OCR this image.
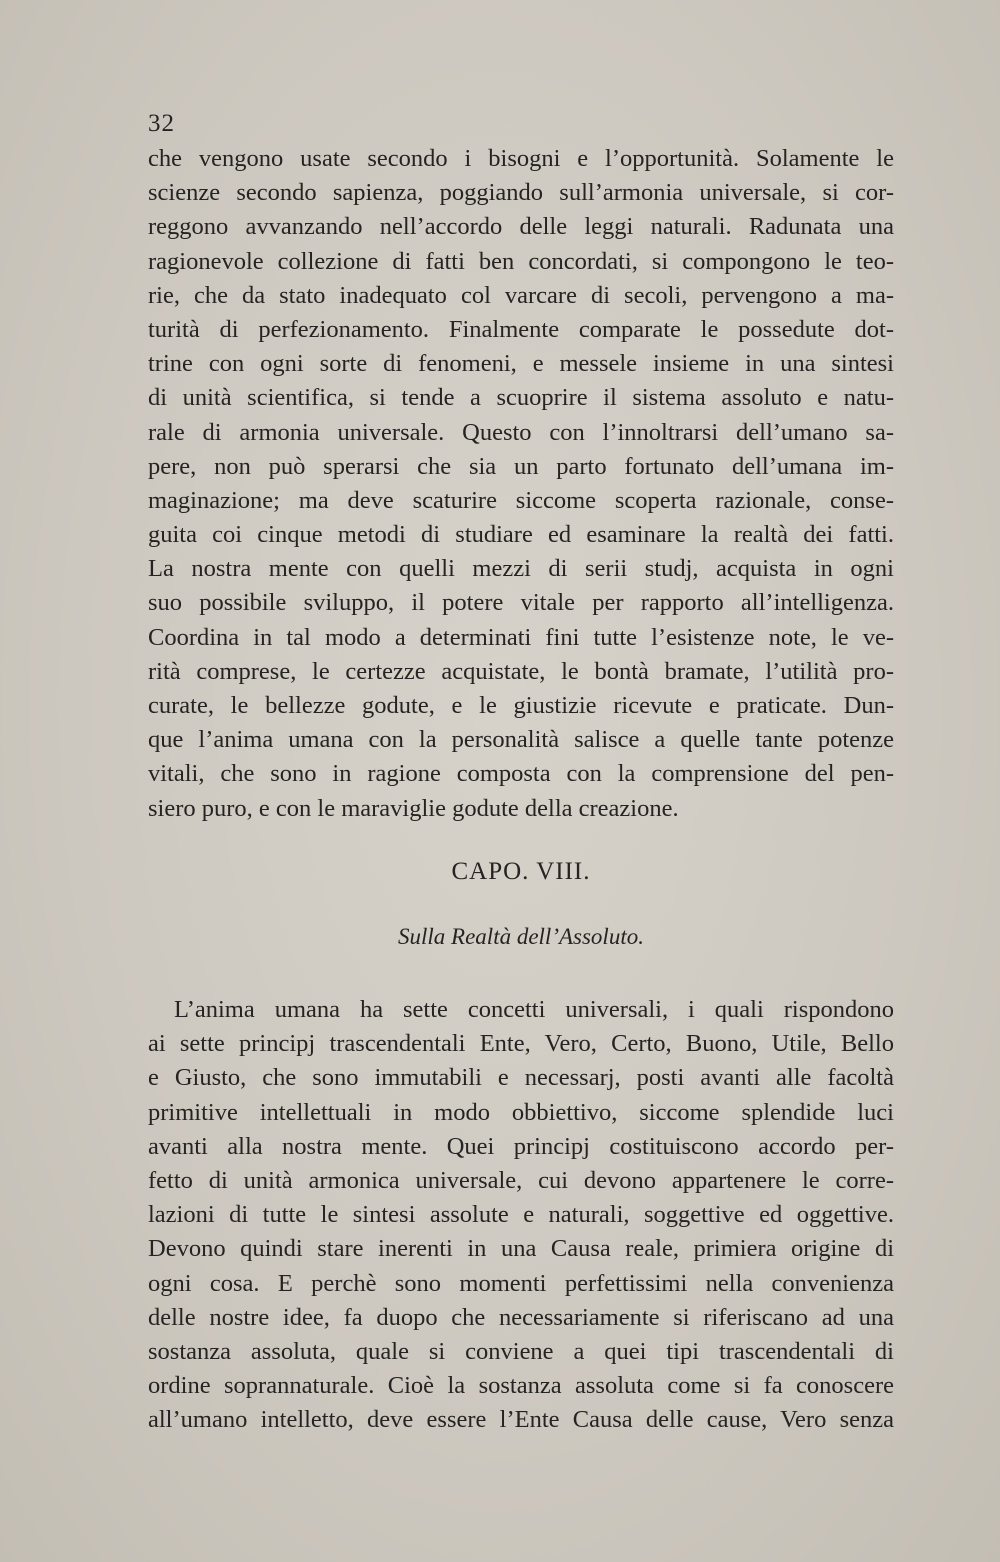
32
che vengono usate secondo i bisogni e l’opportunità. Solamente le
scienze secondo sapienza, poggiando sull’armonia universale, si cor-
reggono avvanzando nell’accordo delle leggi naturali. Radunata una
ragionevole collezione di fatti ben concordati, si compongono le teo-
rie, che da stato inadequato col varcare di secoli, pervengono a ma-
turità di perfezionamento. Finalmente comparate le possedute dot-
trine con ogni sorte di fenomeni, e messele insieme in una sintesi
di unità scientifica, si tende a scuoprire il sistema assoluto e natu-
rale di armonia universale. Questo con l’innoltrarsi dell’umano sa-
pere, non può sperarsi che sia un parto fortunato dell’umana im-
maginazione; ma deve scaturire siccome scoperta razionale, conse-
guita coi cinque metodi di studiare ed esaminare la realtà dei fatti.
La nostra mente con quelli mezzi di serii studj, acquista in ogni
suo possibile sviluppo, il potere vitale per rapporto all’intelligenza.
Coordina in tal modo a determinati fini tutte l’esistenze note, le ve-
rità comprese, le certezze acquistate, le bontà bramate, l’utilità pro-
curate, le bellezze godute, e le giustizie ricevute e praticate. Dun-
que l’anima umana con la personalità salisce a quelle tante potenze
vitali, che sono in ragione composta con la comprensione del pen-
siero puro, e con le maraviglie godute della creazione.
CAPO. VIII.
Sulla Realtà dell’Assoluto.
L’anima umana ha sette concetti universali, i quali rispondono
ai sette principj trascendentali Ente, Vero, Certo, Buono, Utile, Bello
e Giusto, che sono immutabili e necessarj, posti avanti alle facoltà
primitive intellettuali in modo obbiettivo, siccome splendide luci
avanti alla nostra mente. Quei principj costituiscono accordo per-
fetto di unità armonica universale, cui devono appartenere le corre-
lazioni di tutte le sintesi assolute e naturali, soggettive ed oggettive.
Devono quindi stare inerenti in una Causa reale, primiera origine di
ogni cosa. E perchè sono momenti perfettissimi nella convenienza
delle nostre idee, fa duopo che necessariamente si riferiscano ad una
sostanza assoluta, quale si conviene a quei tipi trascendentali di
ordine soprannaturale. Cioè la sostanza assoluta come si fa conoscere
all’umano intelletto, deve essere l’Ente Causa delle cause, Vero senza
